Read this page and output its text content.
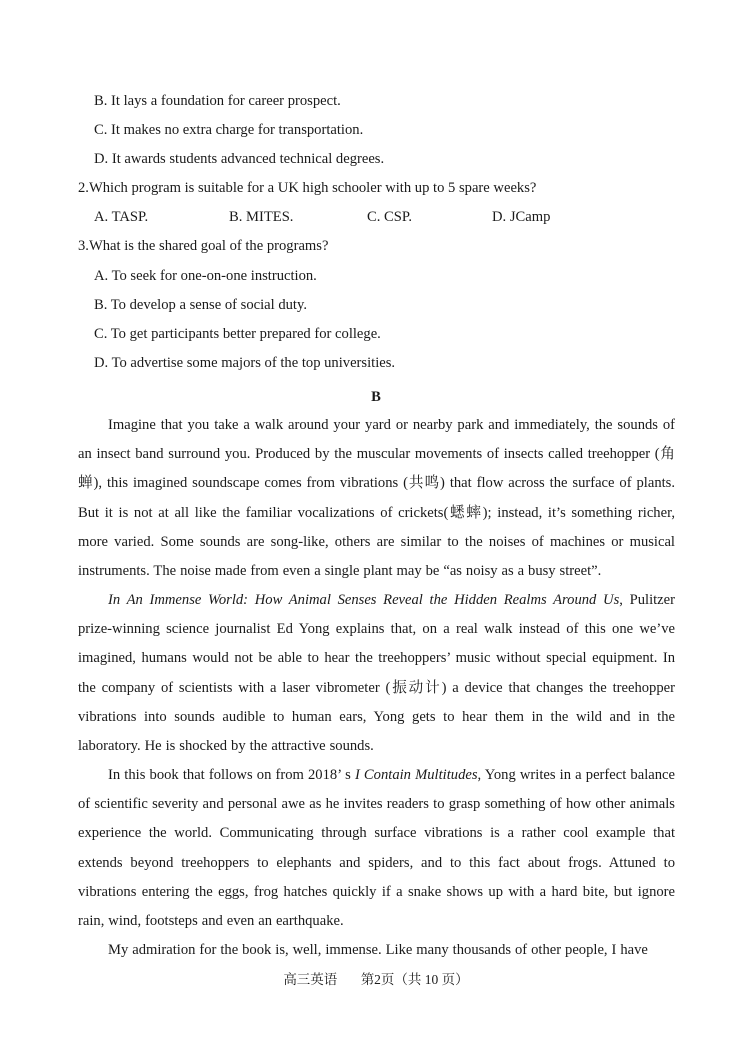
B. It lays a foundation for career prospect.
C. It makes no extra charge for transportation.
D. It awards students advanced technical degrees.
2.Which program is suitable for a UK high schooler with up to 5 spare weeks?
A. TASP.	B. MITES.	C. CSP.	D. JCamp
3.What is the shared goal of the programs?
A. To seek for one-on-one instruction.
B. To develop a sense of social duty.
C. To get participants better prepared for college.
D. To advertise some majors of the top universities.
B
Imagine that you take a walk around your yard or nearby park and immediately, the sounds of an insect band surround you. Produced by the muscular movements of insects called treehopper (角蝉), this imagined soundscape comes from vibrations (共鸣) that flow across the surface of plants. But it is not at all like the familiar vocalizations of crickets(蟋蟀); instead, it’s something richer, more varied. Some sounds are song-like, others are similar to the noises of machines or musical instruments. The noise made from even a single plant may be “as noisy as a busy street”.
In An Immense World: How Animal Senses Reveal the Hidden Realms Around Us, Pulitzer prize-winning science journalist Ed Yong explains that, on a real walk instead of this one we’ve imagined, humans would not be able to hear the treehoppers’ music without special equipment. In the company of scientists with a laser vibrometer (振动计) a device that changes the treehopper vibrations into sounds audible to human ears, Yong gets to hear them in the wild and in the laboratory. He is shocked by the attractive sounds.
In this book that follows on from 2018’ s I Contain Multitudes, Yong writes in a perfect balance of scientific severity and personal awe as he invites readers to grasp something of how other animals experience the world. Communicating through surface vibrations is a rather cool example that extends beyond treehoppers to elephants and spiders, and to this fact about frogs. Attuned to vibrations entering the eggs, frog hatches quickly if a snake shows up with a hard bite, but ignore rain, wind, footsteps and even an earthquake.
My admiration for the book is, well, immense. Like many thousands of other people, I have
高三英语 第2页（共 10 页）
